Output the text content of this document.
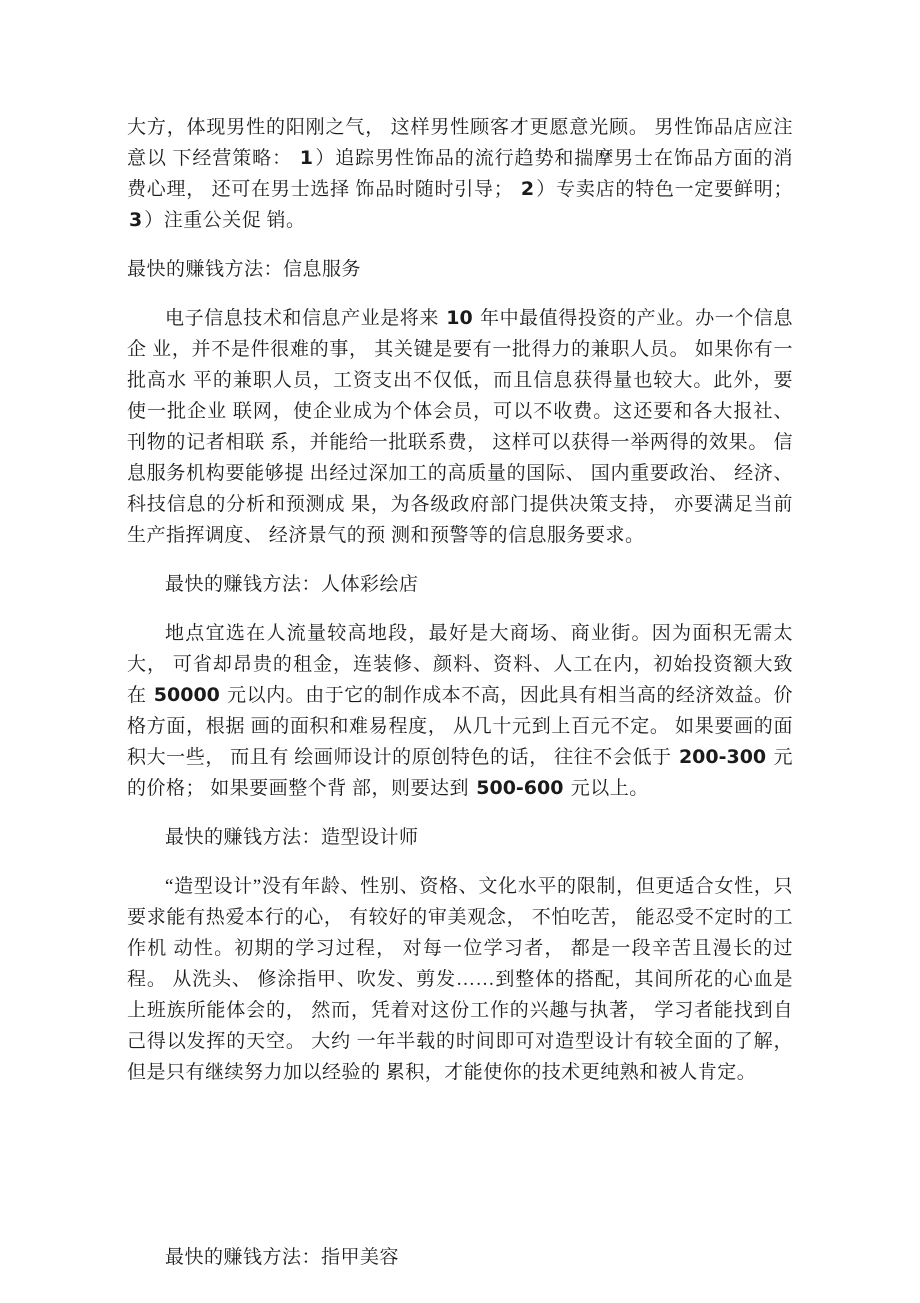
大方，体现男性的阳刚之气， 这样男性顾客才更愿意光顾。 男性饰品店应注意以 下经营策略： 1 ）追踪男性饰品的流行趋势和揣摩男士在饰品方面的消费心理， 还可在男士选择 饰品时随时引导； 2 ）专卖店的特色一定要鲜明； 3 ）注重公关促 销。
最快的赚钱方法：信息服务
电子信息技术和信息产业是将来 10 年中最值得投资的产业。办一个信息企 业，并不是件很难的事， 其关键是要有一批得力的兼职人员。 如果你有一批高水 平的兼职人员，工资支出不仅低，而且信息获得量也较大。此外，要使一批企业 联网，使企业成为个体会员，可以不收费。这还要和各大报社、刊物的记者相联 系，并能给一批联系费， 这样可以获得一举两得的效果。 信息服务机构要能够提 出经过深加工的高质量的国际、 国内重要政治、 经济、科技信息的分析和预测成 果，为各级政府部门提供决策支持， 亦要满足当前生产指挥调度、 经济景气的预 测和预警等的信息服务要求。
最快的赚钱方法：人体彩绘店
地点宜选在人流量较高地段，最好是大商场、商业街。因为面积无需太大， 可省却昂贵的租金，连装修、颜料、资料、人工在内，初始投资额大致在 50000 元以内。由于它的制作成本不高，因此具有相当高的经济效益。价格方面，根据 画的面积和难易程度， 从几十元到上百元不定。 如果要画的面积大一些， 而且有 绘画师设计的原创特色的话， 往往不会低于 200-300 元的价格； 如果要画整个背 部，则要达到 500-600 元以上。
最快的赚钱方法：造型设计师
“造型设计”没有年龄、性别、资格、文化水平的限制，但更适合女性，只 要求能有热爱本行的心， 有较好的审美观念， 不怕吃苦， 能忍受不定时的工作机 动性。初期的学习过程， 对每一位学习者， 都是一段辛苦且漫长的过程。 从洗头、 修涂指甲、吹发、剪发……到整体的搭配，其间所花的心血是上班族所能体会的， 然而，凭着对这份工作的兴趣与执著， 学习者能找到自己得以发挥的天空。 大约 一年半载的时间即可对造型设计有较全面的了解， 但是只有继续努力加以经验的 累积，才能使你的技术更纯熟和被人肯定。
最快的赚钱方法：指甲美容
